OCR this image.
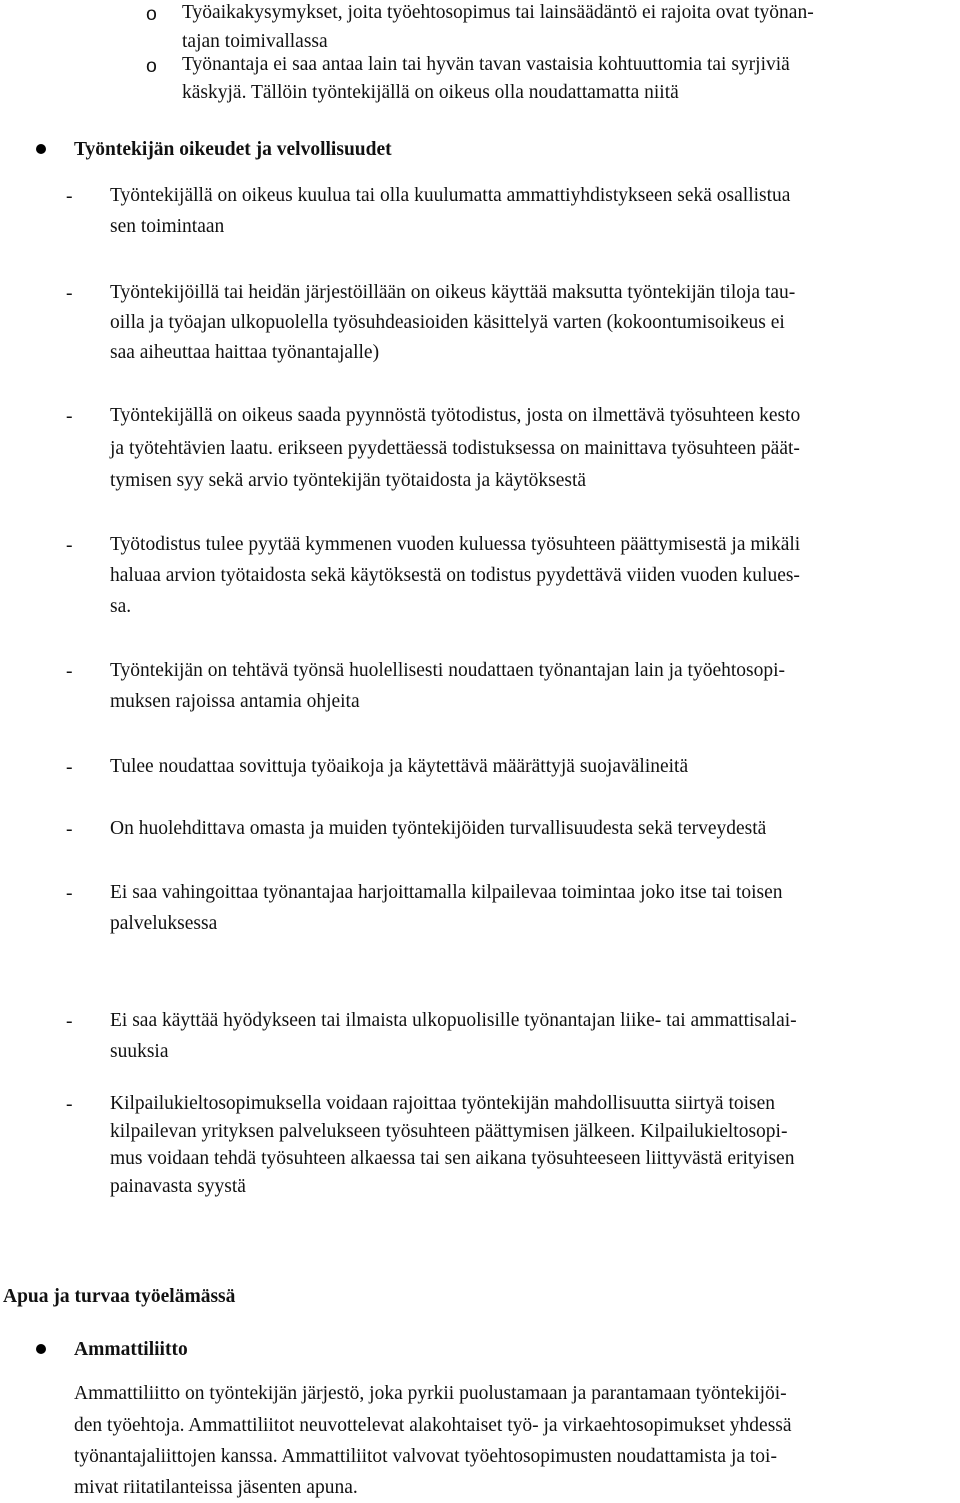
o Työaikakysymykset, joita työehtosopimus tai lainsäädäntö ei rajoita ovat työnan-
tajan toimivallassa
o Työnantaja ei saa antaa lain tai hyvän tavan vastaisia kohtuuttomia tai syrjiviä
käskyjä. Tällöin työntekijällä on oikeus olla noudattamatta niitä
Työntekijän oikeudet ja velvollisuudet
- Työntekijällä on oikeus kuulua tai olla kuulumatta ammattiyhdistykseen sekä osallistua
sen toimintaan
- Työntekijöillä tai heidän järjestöillään on oikeus käyttää maksutta työntekijän tiloja tau-
oilla ja työajan ulkopuolella työsuhdeasioiden käsittelyä varten (kokoontumisoikeus ei
saa aiheuttaa haittaa työnantajalle)
- Työntekijällä on oikeus saada pyynnöstä työtodistus, josta on ilmettävä työsuhteen kesto
ja työtehtävien laatu. erikseen pyydettäessä todistuksessa on mainittava työsuhteen päät-
tymisen syy sekä arvio työntekijän työtaidosta ja käytöksestä
- Työtodistus tulee pyytää kymmenen vuoden kuluessa työsuhteen päättymisestä ja mikäli
haluaa arvion työtaidosta sekä käytöksestä on todistus pyydettävä viiden vuoden kulues-
sa.
- Työntekijän on tehtävä työnsä huolellisesti noudattaen työnantajan lain ja työehtosopi-
muksen rajoissa antamia ohjeita
- Tulee noudattaa sovittuja työaikoja ja käytettävä määrättyjä suojavälineitä
- On huolehdittava omasta ja muiden työntekijöiden turvallisuudesta sekä terveydestä
- Ei saa vahingoittaa työnantajaa harjoittamalla kilpailevaa toimintaa joko itse tai toisen
palveluksessa
- Ei saa käyttää hyödykseen tai ilmaista ulkopuolisille työnantajan liike- tai ammattisalai-
suuksia
- Kilpailukieltosopimuksella voidaan rajoittaa työntekijän mahdollisuutta siirtyä toisen
kilpailevan yrityksen palvelukseen työsuhteen päättymisen jälkeen. Kilpailukieltosopi-
mus voidaan tehdä työsuhteen alkaessa tai sen aikana työsuhteeseen liittyvästä erityisen
painavasta syystä
Apua ja turvaa työelämässä
Ammattiliitto
Ammattiliitto on työntekijän järjestö, joka pyrkii puolustamaan ja parantamaan työntekijöi-
den työehtoja. Ammattiliitot neuvottelevat alakohtaiset työ- ja virkaehtosopimukset yhdessä
työnantajaliittojen kanssa. Ammattiliitot valvovat työehtosopimusten noudattamista ja toi-
mivat riitatilanteissa jäsenten apuna.
